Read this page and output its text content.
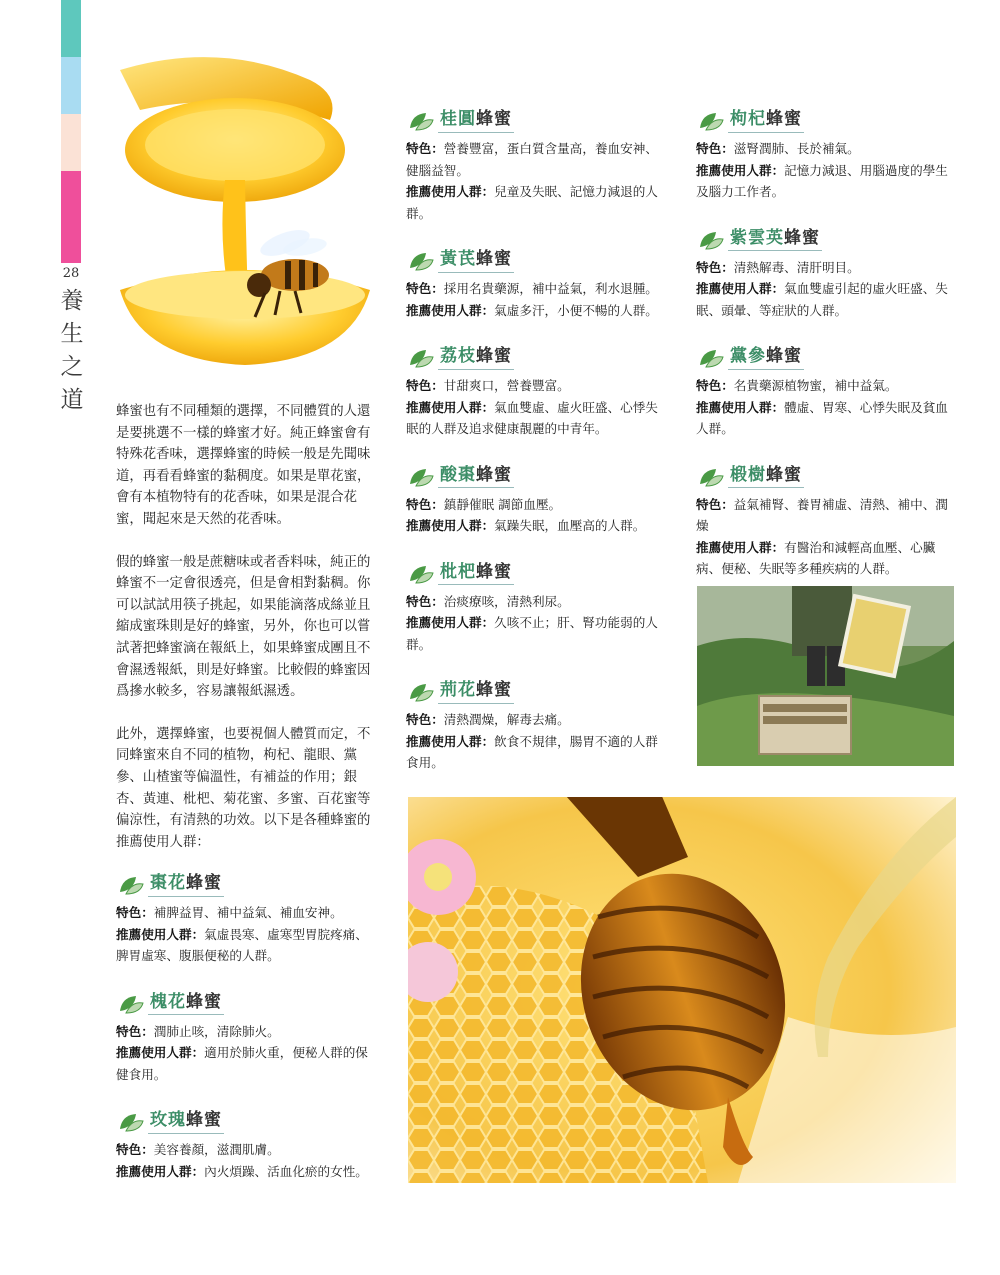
28
養
生
之
道 蜂蜜也有不同種類的選擇，不同體質的人還是要挑選不一樣的蜂蜜才好。純正蜂蜜會有特殊花香味，選擇蜂蜜的時候一般是先聞味道，再看看蜂蜜的黏稠度。如果是單花蜜，會有本植物特有的花香味，如果是混合花蜜，聞起來是天然的花香味。

假的蜂蜜一般是蔗糖味或者香料味，純正的蜂蜜不一定會很透亮，但是會相對黏稠。你可以試試用筷子挑起，如果能滴落成絲並且縮成蜜珠則是好的蜂蜜，另外，你也可以嘗試著把蜂蜜滴在報紙上，如果蜂蜜成團且不會濕透報紙，則是好蜂蜜。比較假的蜂蜜因爲摻水較多，容易讓報紙濕透。

此外，選擇蜂蜜，也要視個人體質而定，不同蜂蜜來自不同的植物，枸杞、龍眼、黨參、山楂蜜等偏溫性，有補益的作用；銀杏、黃連、枇杷、菊花蜜、多蜜、百花蜜等偏涼性，有清熱的功效。以下是各種蜂蜜的推薦使用人群：

棗花蜂蜜

特色：補脾益胃、補中益氣、補血安神。

推薦使用人群：氣虛畏寒、虛寒型胃脘疼痛、脾胃虛寒、腹脹便秘的人群。

槐花蜂蜜

特色：潤肺止咳，清除肺火。

推薦使用人群：適用於肺火重，便秘人群的保健食用。

玫瑰蜂蜜

特色：美容養顏，滋潤肌膚。

推薦使用人群：內火煩躁、活血化瘀的女性。

桂圓蜂蜜

特色：營養豐富，蛋白質含量高，養血安神、健腦益智。

推薦使用人群：兒童及失眠、記憶力減退的人群。

黃芪蜂蜜

特色：採用名貴藥源，補中益氣，利水退腫。

推薦使用人群：氣虛多汗，小便不暢的人群。

荔枝蜂蜜

特色：甘甜爽口，營養豐富。

推薦使用人群：氣血雙虛、虛火旺盛、心悸失眠的人群及追求健康靚麗的中青年。

酸棗蜂蜜

特色：鎮靜催眠 調節血壓。

推薦使用人群：氣躁失眠，血壓高的人群。

枇杷蜂蜜

特色：治痰療咳，清熱利尿。

推薦使用人群：久咳不止；肝、腎功能弱的人群。

荊花蜂蜜

特色：清熱潤燥，解毒去痛。

推薦使用人群：飲食不規律，腸胃不適的人群食用。

枸杞蜂蜜

特色：滋腎潤肺、長於補氣。

推薦使用人群：記憶力減退、用腦過度的學生及腦力工作者。

紫雲英蜂蜜

特色：清熱解毒、清肝明目。

推薦使用人群：氣血雙虛引起的虛火旺盛、失眠、頭暈、等症狀的人群。

黨參蜂蜜

特色：名貴藥源植物蜜，補中益氣。

推薦使用人群：體虛、胃寒、心悸失眠及貧血人群。

椴樹蜂蜜

特色：益氣補腎、養胃補虛、清熱、補中、潤燥

推薦使用人群：有醫治和減輕高血壓、心臟病、便秘、失眠等多種疾病的人群。
